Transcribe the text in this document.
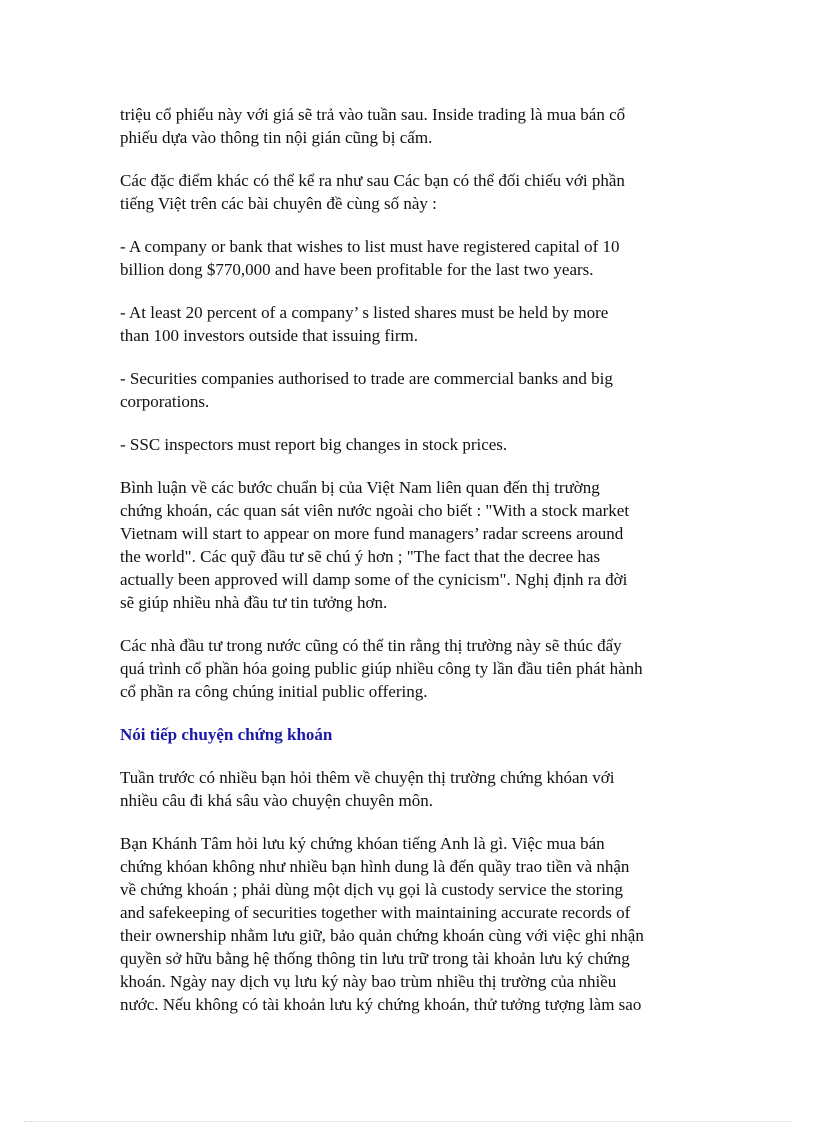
triệu cổ phiếu này với giá sẽ trả vào tuần sau. Inside trading là mua bán cổ
phiếu dựa vào thông tin nội gián cũng bị cấm.

Các đặc điểm khác có thể kể ra như sau Các bạn có thể đối chiếu với phần
tiếng Việt trên các bài chuyên đề cùng số này :

- A company or bank that wishes to list must have registered capital of 10
billion dong $770,000 and have been profitable for the last two years.

- At least 20 percent of a company’ s listed shares must be held by more
than 100 investors outside that issuing firm.

- Securities companies authorised to trade are commercial banks and big
corporations.

- SSC inspectors must report big changes in stock prices.

Bình luận về các bước chuẩn bị của Việt Nam liên quan đến thị trường
chứng khoán, các quan sát viên nước ngoài cho biết : "With a stock market
Vietnam will start to appear on more fund managers’ radar screens around
the world". Các quỹ đầu tư sẽ chú ý hơn ; "The fact that the decree has
actually been approved will damp some of the cynicism". Nghị định ra đời
sẽ giúp nhiều nhà đầu tư tin tưởng hơn.

Các nhà đầu tư trong nước cũng có thể tin rằng thị trường này sẽ thúc đẩy
quá trình cổ phần hóa going public giúp nhiều công ty lần đầu tiên phát hành
cổ phần ra công chúng initial public offering.

Nói tiếp chuyện chứng khoán

Tuần trước có nhiều bạn hỏi thêm về chuyện thị trường chứng khóan với
nhiều câu đi khá sâu vào chuyện chuyên môn.

Bạn Khánh Tâm hỏi lưu ký chứng khóan tiếng Anh là gì. Việc mua bán
chứng khóan không như nhiều bạn hình dung là đến quầy trao tiền và nhận
về chứng khoán ; phải dùng một dịch vụ gọi là custody service the storing
and safekeeping of securities together with maintaining accurate records of
their ownership nhằm lưu giữ, bảo quản chứng khoán cùng với việc ghi nhận
quyền sở hữu bằng hệ thống thông tin lưu trữ trong tài khoản lưu ký chứng
khoán. Ngày nay dịch vụ lưu ký này bao trùm nhiều thị trường của nhiều
nước. Nếu không có tài khoản lưu ký chứng khoán, thử tưởng tượng làm sao
